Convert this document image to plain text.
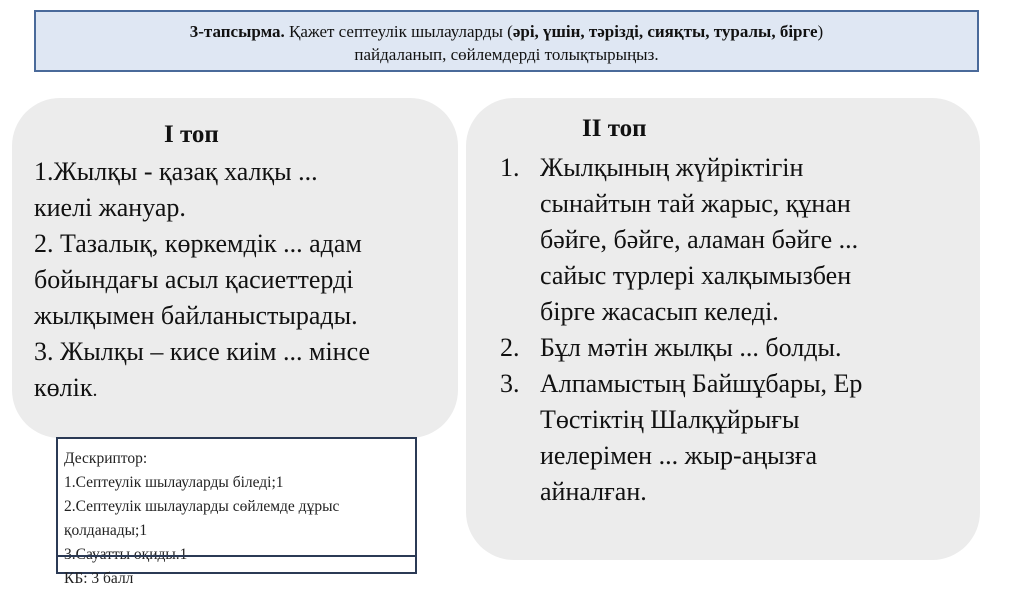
3-тапсырма. Қажет септеулік шылауларды (әрі, үшін, тәрізді, сияқты, туралы, бірге)
пайдаланып, сөйлемдерді толықтырыңыз.
І топ
1.Жылқы - қазақ халқы ...
киелі жануар.
2. Тазалық, көркемдік ... адам
бойындағы асыл қасиеттерді
жылқымен байланыстырады.
3. Жылқы – кисе киім ... мінсе
көлік.
ІІ топ
1. Жылқының жүйріктігін
сынайтын тай жарыс, құнан
бәйге, бәйге, аламан бәйге ...
сайыс түрлері халқымызбен
бірге жасасып келеді.
2. Бұл мәтін жылқы ... болды.
3. Алпамыстың Байшұбары, Ер
Төстіктің Шалқұйрығы
иелерімен ... жыр-аңызға
айналған.
Дескриптор:
1.Септеулік шылауларды біледі;1
2.Септеулік шылауларды сөйлемде дұрыс
қолданады;1
3.Сауатты оқиды.1
КБ: 3 балл
